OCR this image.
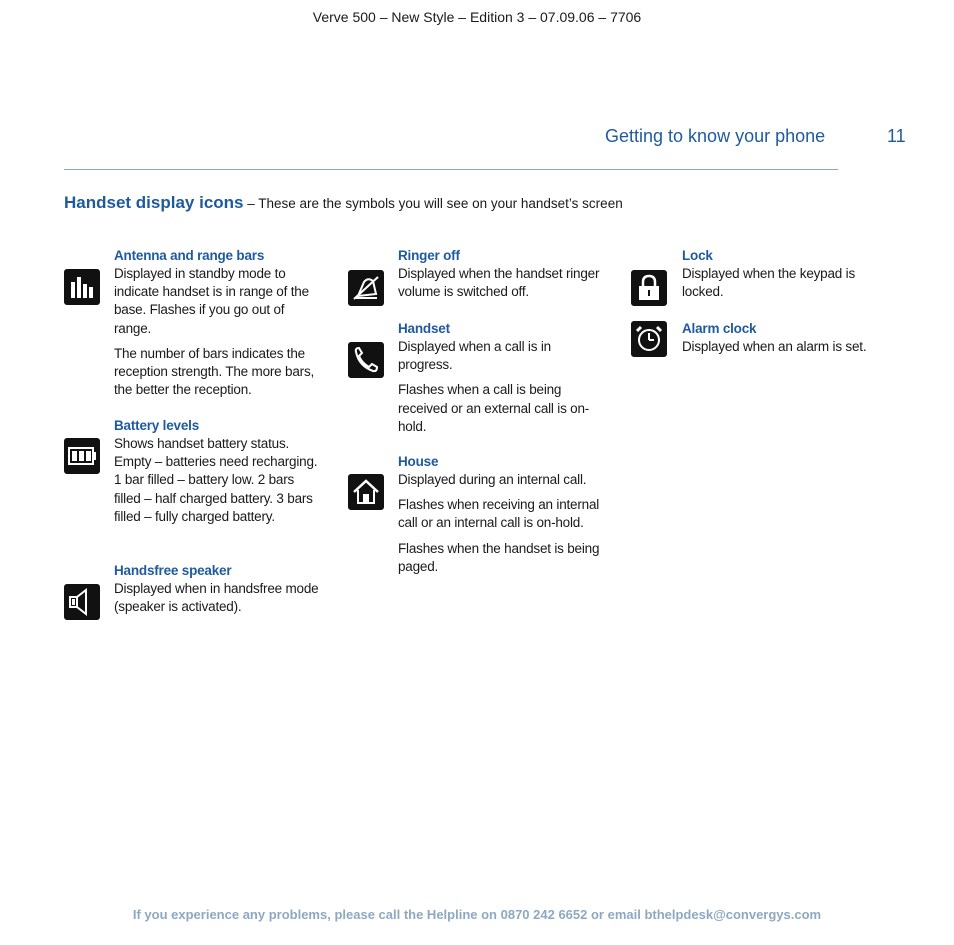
Verve 500 – New Style – Edition 3 – 07.09.06 – 7706
Getting to know your phone	11
Handset display icons – These are the symbols you will see on your handset’s screen
Antenna and range bars

Displayed in standby mode to indicate handset is in range of the base. Flashes if you go out of range.

The number of bars indicates the reception strength. The more bars, the better the reception.

Battery levels

Shows handset battery status. Empty – batteries need recharging. 1 bar filled – battery low. 2 bars filled – half charged battery. 3 bars filled – fully charged battery.

Handsfree speaker

Displayed when in handsfree mode (speaker is activated).

Ringer off

Displayed when the handset ringer volume is switched off.

Handset

Displayed when a call is in progress.

Flashes when a call is being received or an external call is on-hold.

House

Displayed during an internal call.

Flashes when receiving an internal call or an internal call is on-hold.

Flashes when the handset is being paged.

Lock

Displayed when the keypad is locked.

Alarm clock

Displayed when an alarm is set.

If you experience any problems, please call the Helpline on 0870 242 6652 or email bthelpdesk@convergys.com
